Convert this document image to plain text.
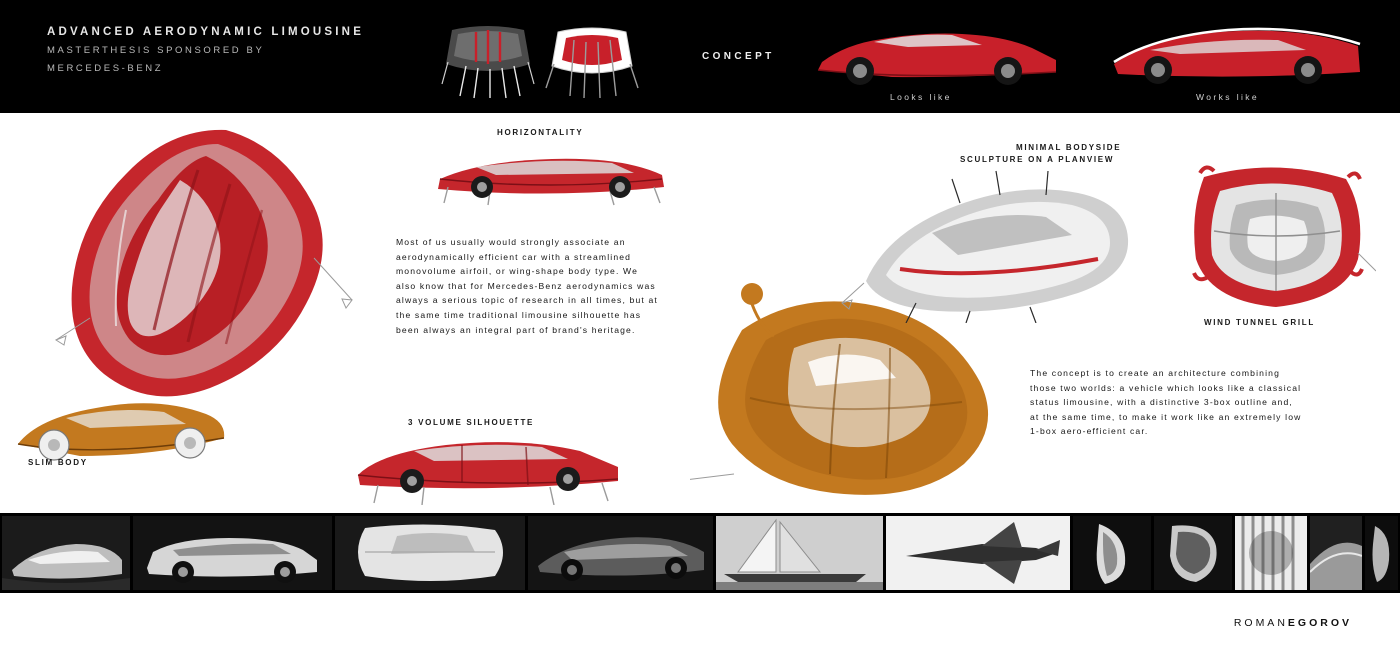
ADVANCED AERODYNAMIC LIMOUSINE
MASTERTHESIS SPONSORED BY
MERCEDES-BENZ
CONCEPT
3-BOX
Looks like
1-BOX
Works like
SLIM BODY
HORIZONTALITY
Most of us usually would strongly associate an aerodynamically efficient car with a streamlined monovolume airfoil, or wing-shape body type. We also know that for Mercedes-Benz aerodynamics was always a serious topic of research in all times, but at the same time traditional limousine silhouette has been always an integral part of brand's heritage.
3 VOLUME SILHOUETTE
MINIMAL BODYSIDE
SCULPTURE ON A PLANVIEW
WIND TUNNEL GRILL
The concept is to create an architecture combining those two worlds: a vehicle which looks like a classical status limousine, with a distinctive 3-box outline and, at the same time, to make it work like an extremely low 1-box aero-efficient car.
ROMANEGOROV
